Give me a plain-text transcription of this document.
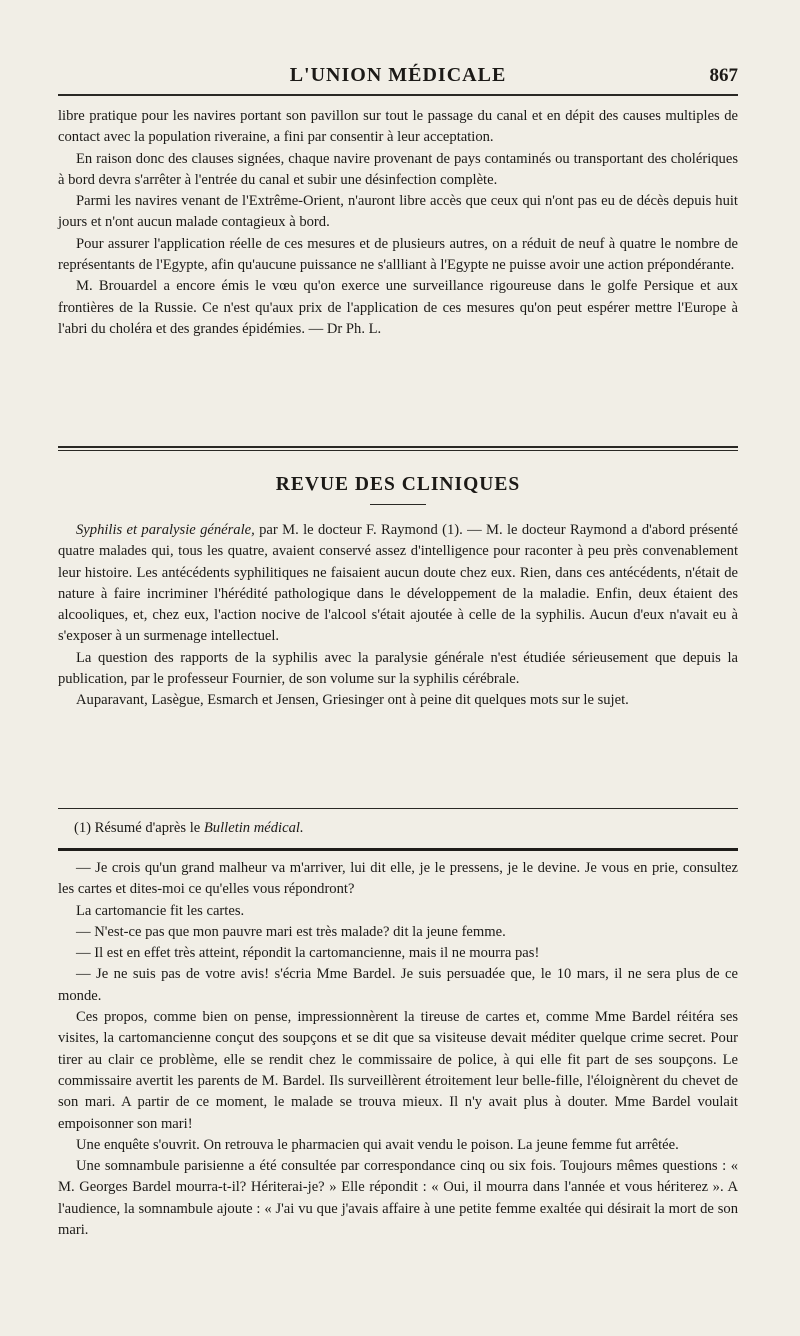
L'UNION MÉDICALE	867

libre pratique pour les navires portant son pavillon sur tout le passage du canal et en dépit des causes multiples de contact avec la population riveraine, a fini par consentir à leur acceptation.

En raison donc des clauses signées, chaque navire provenant de pays contaminés ou transportant des cholériques à bord devra s'arrêter à l'entrée du canal et subir une désinfection complète.

Parmi les navires venant de l'Extrême-Orient, n'auront libre accès que ceux qui n'ont pas eu de décès depuis huit jours et n'ont aucun malade contagieux à bord.

Pour assurer l'application réelle de ces mesures et de plusieurs autres, on a réduit de neuf à quatre le nombre de représentants de l'Egypte, afin qu'aucune puissance ne s'allliant à l'Egypte ne puisse avoir une action prépondérante.

M. Brouardel a encore émis le vœu qu'on exerce une surveillance rigoureuse dans le golfe Persique et aux frontières de la Russie. Ce n'est qu'aux prix de l'application de ces mesures qu'on peut espérer mettre l'Europe à l'abri du choléra et des grandes épidémies. — Dr Ph. L.

REVUE DES CLINIQUES

Syphilis et paralysie générale, par M. le docteur F. Raymond (1). — M. le docteur Raymond a d'abord présenté quatre malades qui, tous les quatre, avaient conservé assez d'intelligence pour raconter à peu près convenablement leur histoire. Les antécédents syphilitiques ne faisaient aucun doute chez eux. Rien, dans ces antécédents, n'était de nature à faire incriminer l'hérédité pathologique dans le développement de la maladie. Enfin, deux étaient des alcooliques, et, chez eux, l'action nocive de l'alcool s'était ajoutée à celle de la syphilis. Aucun d'eux n'avait eu à s'exposer à un surmenage intellectuel.

La question des rapports de la syphilis avec la paralysie générale n'est étudiée sérieusement que depuis la publication, par le professeur Fournier, de son volume sur la syphilis cérébrale.

Auparavant, Lasègue, Esmarch et Jensen, Griesinger ont à peine dit quelques mots sur le sujet.

(1) Résumé d'après le Bulletin médical.

— Je crois qu'un grand malheur va m'arriver, lui dit elle, je le pressens, je le devine. Je vous en prie, consultez les cartes et dites-moi ce qu'elles vous répondront?

La cartomancie fit les cartes.

— N'est-ce pas que mon pauvre mari est très malade? dit la jeune femme.

— Il est en effet très atteint, répondit la cartomancienne, mais il ne mourra pas!

— Je ne suis pas de votre avis! s'écria Mme Bardel. Je suis persuadée que, le 10 mars, il ne sera plus de ce monde.

Ces propos, comme bien on pense, impressionnèrent la tireuse de cartes et, comme Mme Bardel réitéra ses visites, la cartomancienne conçut des soupçons et se dit que sa visiteuse devait méditer quelque crime secret. Pour tirer au clair ce problème, elle se rendit chez le commissaire de police, à qui elle fit part de ses soupçons. Le commissaire avertit les parents de M. Bardel. Ils surveillèrent étroitement leur belle-fille, l'éloignèrent du chevet de son mari. A partir de ce moment, le malade se trouva mieux. Il n'y avait plus à douter. Mme Bardel voulait empoisonner son mari!

Une enquête s'ouvrit. On retrouva le pharmacien qui avait vendu le poison. La jeune femme fut arrêtée.

Une somnambule parisienne a été consultée par correspondance cinq ou six fois. Toujours mêmes questions : « M. Georges Bardel mourra-t-il? Hériterai-je? » Elle répondit : « Oui, il mourra dans l'année et vous hériterez ». A l'audience, la somnambule ajoute : « J'ai vu que j'avais affaire à une petite femme exaltée qui désirait la mort de son mari.
